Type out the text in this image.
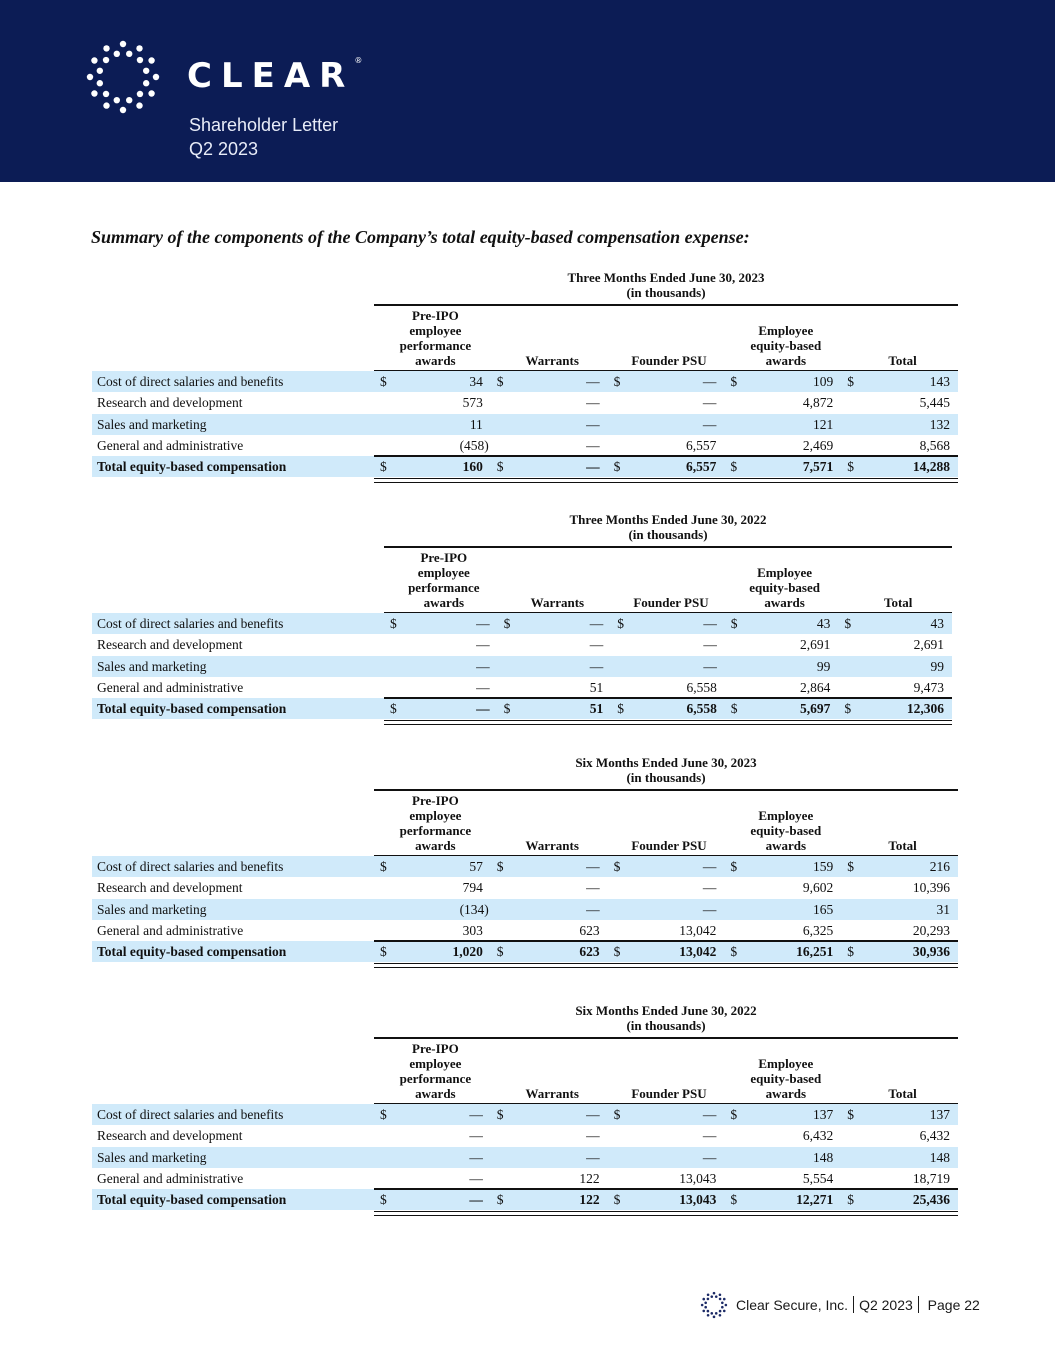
CLEAR®
Shareholder Letter
Q2 2023
Summary of the components of the Company’s total equity-based compensation expense:
Three Months Ended June 30, 2023
(in thousands)
Pre-IPO
employee
performance
awards	Warrants	Founder PSU
Employee
equity-based
awards	Total
Cost of direct salaries and benefits	$	34 $	— $	— $	109 $	143
Research and development	573	—	—	4,872	5,445
Sales and marketing	11	—	—	121	132
General and administrative	(458)	—	6,557	2,469	8,568
Total equity-based compensation	$	160 $	— $	6,557 $	7,571 $	14,288
Three Months Ended June 30, 2022
(in thousands)
Pre-IPO
employee
performance
awards	Warrants	Founder PSU
Employee
equity-based
awards	Total
Cost of direct salaries and benefits	$	— $	— $	— $	43 $	43
Research and development	—	—	—	2,691	2,691
Sales and marketing	—	—	—	99	99
General and administrative	—	51	6,558	2,864	9,473
Total equity-based compensation	$	— $	51 $	6,558 $	5,697 $	12,306
Six Months Ended June 30, 2023
(in thousands)
Pre-IPO
employee
performance
awards	Warrants	Founder PSU
Employee
equity-based
awards	Total
Cost of direct salaries and benefits	$	57 $	— $	— $	159 $	216
Research and development	794	—	—	9,602	10,396
Sales and marketing	(134)	—	—	165	31
General and administrative	303	623	13,042	6,325	20,293
Total equity-based compensation	$	1,020 $	623 $	13,042 $	16,251 $	30,936
Six Months Ended June 30, 2022
(in thousands)
Pre-IPO
employee
performance
awards	Warrants	Founder PSU
Employee
equity-based
awards	Total
Cost of direct salaries and benefits	$	— $	— $	— $	137 $	137
Research and development	—	—	—	6,432	6,432
Sales and marketing	—	—	—	148	148
General and administrative	—	122	13,043	5,554	18,719
Total equity-based compensation	$	— $	122 $	13,043 $	12,271 $	25,436
Clear Secure, Inc. Q2 2023 Page 22
